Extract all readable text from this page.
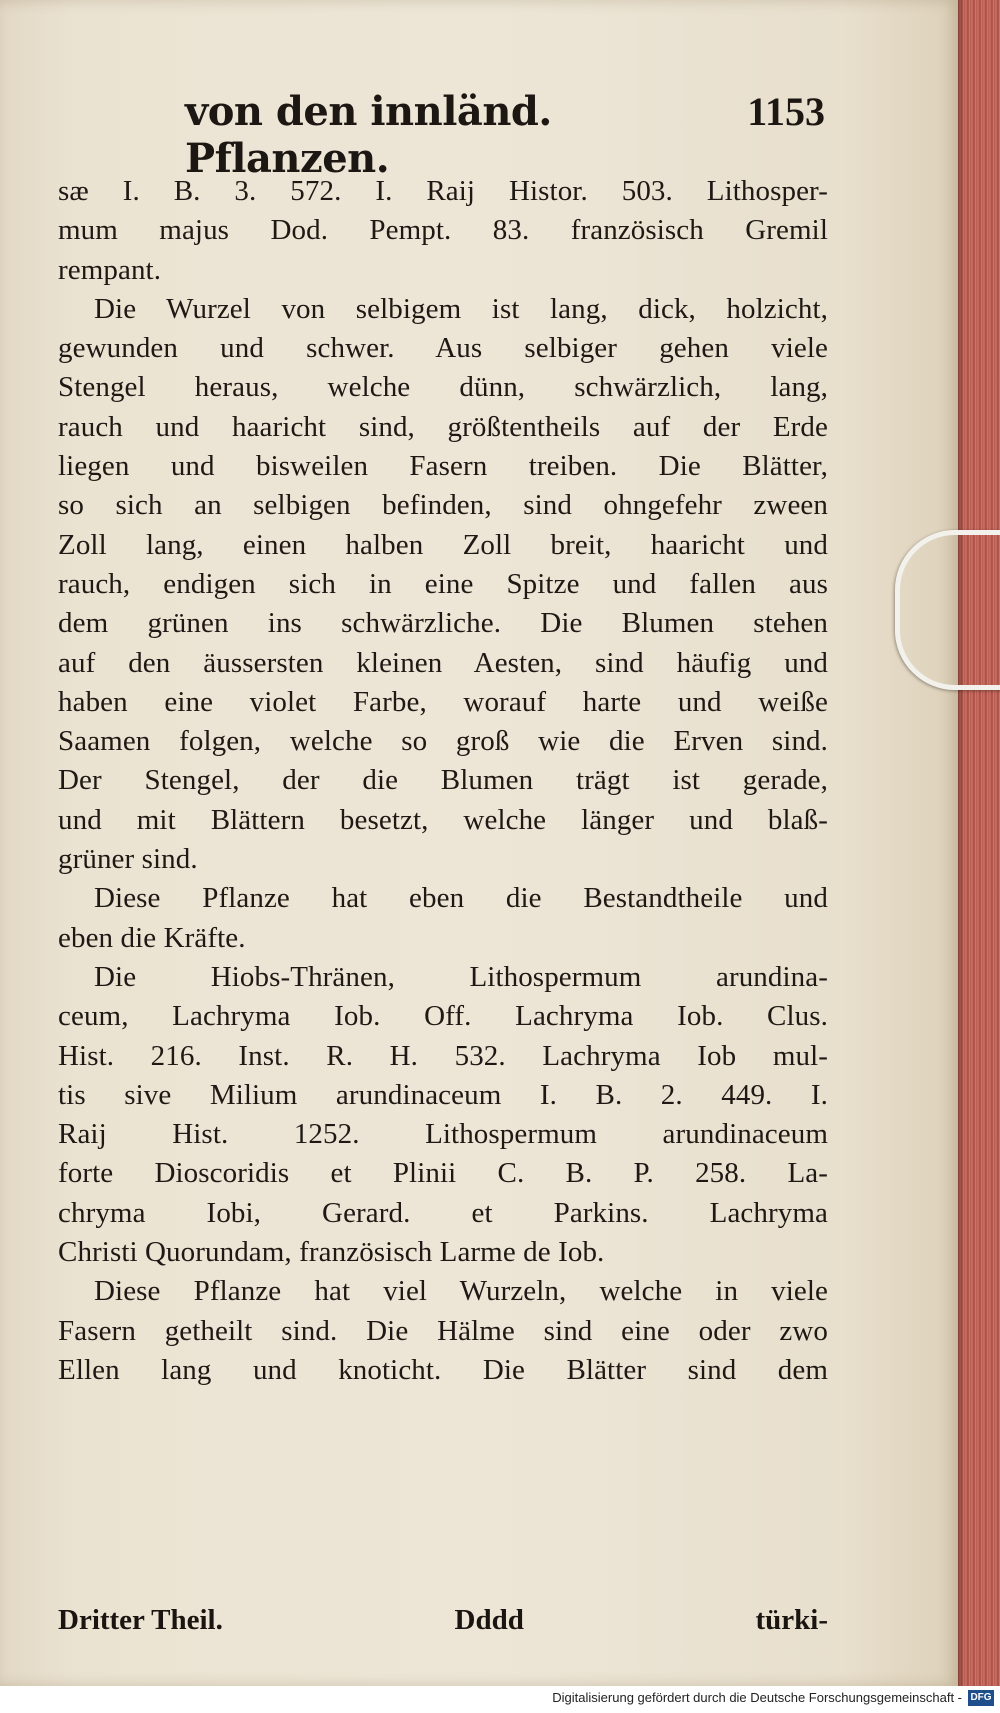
von den innländ. Pflanzen.
1153
sæ I. B. 3. 572. I. Raij Histor. 503. Lithosper-
mum majus Dod. Pempt. 83. französisch Gremil
rempant.
Die Wurzel von selbigem ist lang, dick, holzicht,
gewunden und schwer. Aus selbiger gehen viele
Stengel heraus, welche dünn, schwärzlich, lang,
rauch und haaricht sind, größtentheils auf der Erde
liegen und bisweilen Fasern treiben. Die Blätter,
so sich an selbigen befinden, sind ohngefehr zween
Zoll lang, einen halben Zoll breit, haaricht und
rauch, endigen sich in eine Spitze und fallen aus
dem grünen ins schwärzliche. Die Blumen stehen
auf den äussersten kleinen Aesten, sind häufig und
haben eine violet Farbe, worauf harte und weiße
Saamen folgen, welche so groß wie die Erven sind.
Der Stengel, der die Blumen trägt ist gerade,
und mit Blättern besetzt, welche länger und blaß-
grüner sind.
Diese Pflanze hat eben die Bestandtheile und
eben die Kräfte.
Die Hiobs-Thränen, Lithospermum arundina-
ceum, Lachryma Iob. Off. Lachryma Iob. Clus.
Hist. 216. Inst. R. H. 532. Lachryma Iob mul-
tis sive Milium arundinaceum I. B. 2. 449. I.
Raij Hist. 1252. Lithospermum arundinaceum
forte Dioscoridis et Plinii C. B. P. 258. La-
chryma Iobi, Gerard. et Parkins. Lachryma
Christi Quorundam, französisch Larme de Iob.
Diese Pflanze hat viel Wurzeln, welche in viele
Fasern getheilt sind. Die Hälme sind eine oder zwo
Ellen lang und knoticht. Die Blätter sind dem
Dritter Theil.	Dddd	türki-
Digitalisierung gefördert durch die Deutsche Forschungsgemeinschaft - DFG
